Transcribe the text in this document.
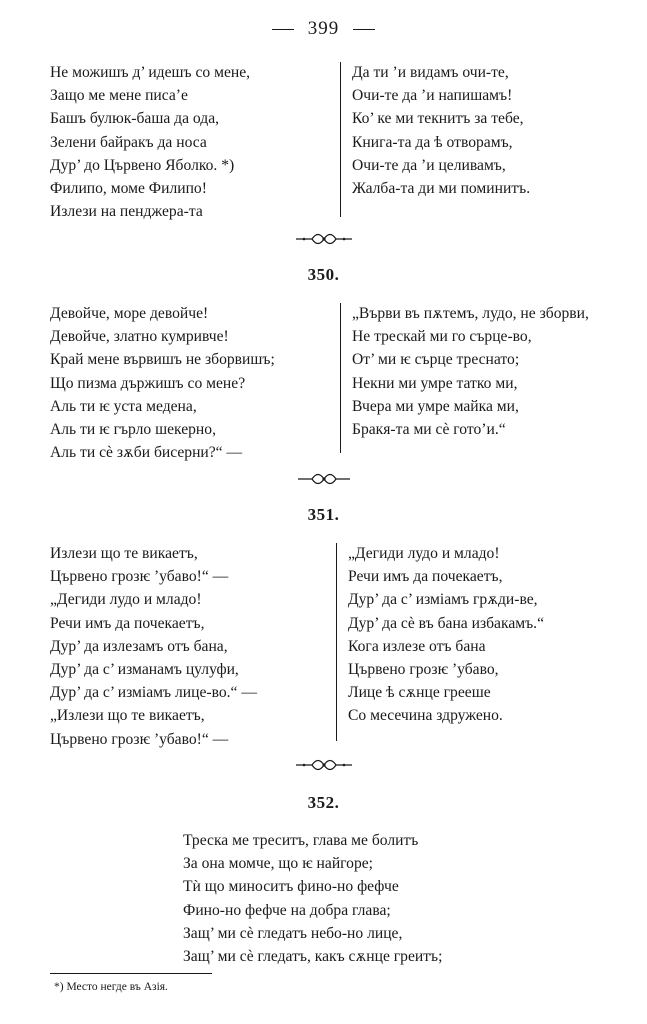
399
Не можишъ д’ идешъ со мене,
Защо ме мене писа’е
Башъ булюк-баша да ода,
Зелени байракъ да носа
Дур’ до Цървено Яболко. *)
Филипо, моме Филипо!
Излези на пенджера-та
Да ти ’и видамъ очи-те,
Очи-те да ’и напишамъ!
Ко’ ке ми текнитъ за тебе,
Книга-та да ѣ отворамъ,
Очи-те да ’и целивамъ,
Жалба-та ди ми поминитъ.
350.
Девойче, море девойче!
Девойче, златно кумривче!
Край мене вървишъ не зборвишъ;
Що пизма държишъ со мене?
Аль ти ѥ уста медена,
Аль ти ѥ гърло шекерно,
Аль ти сѐ зѫби бисерни?“ —
„Върви въ пѫтемъ, лудо, не зборви,
Не трескай ми го сърце-во,
От’ ми ѥ сърце треснато;
Некни ми умре татко ми,
Вчера ми умре майка ми,
Бракя-та ми сѐ гото’и.“
351.
Излези що те викаетъ,
Цървено грозѥ ’убаво!“ —
„Дегиди лудо и младо!
Речи имъ да почекаетъ,
Дур’ да излезамъ отъ бана,
Дур’ да с’ изманамъ цулуфи,
Дур’ да с’ измiамъ лице-во.“ —
„Излези що те викаетъ,
Цървено грозѥ ’убаво!“ —
„Дегиди лудо и младо!
Речи имъ да почекаетъ,
Дур’ да с’ измiамъ грѫди-ве,
Дур’ да сѐ въ бана избакамъ.“
Кога излезе отъ бана
Цървено грозѥ ’убаво,
Лице ѣ сѫнце грееше
Со месечина здружено.
352.
Треска ме треситъ, глава ме болитъ
За она момче, що ѥ найгоре;
Тѝ що миноситъ фино-но фефче
Фино-но фефче на добра глава;
Защ’ ми сѐ гледатъ небо-но лице,
Защ’ ми сѐ гледатъ, какъ сѫнце греитъ;
*) Место негде въ Азiя.
